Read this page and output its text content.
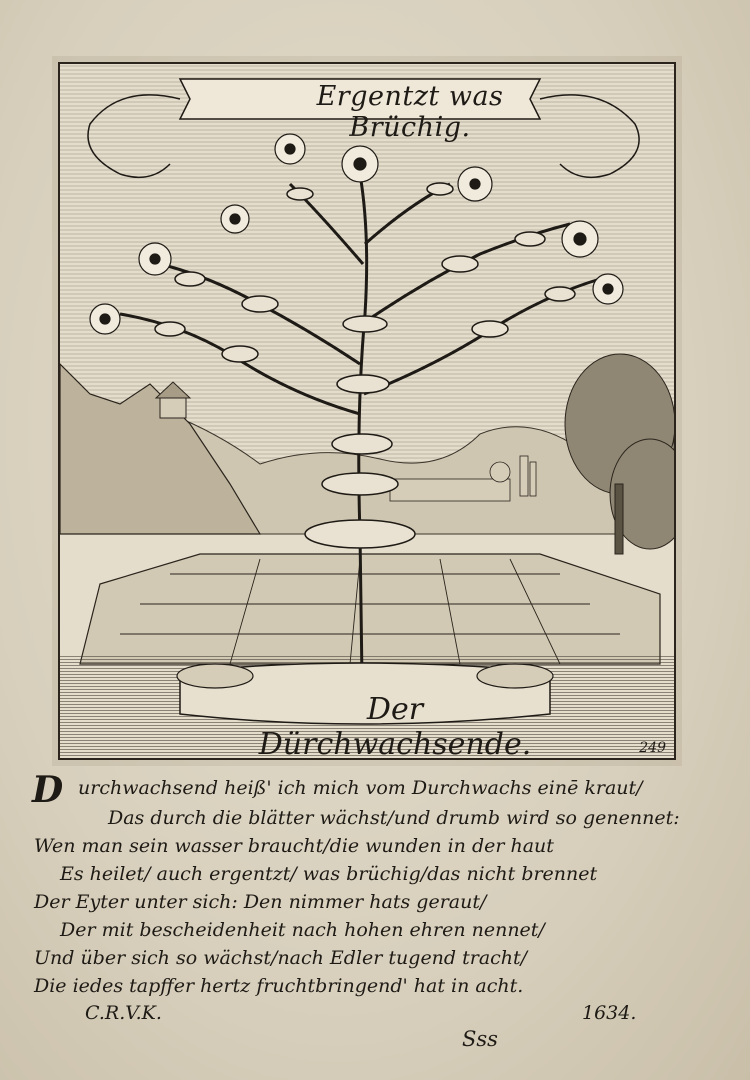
Ergentzt was Brüchig.
Der Dürchwachsende.	249
D urchwachsend heiß' ich mich vom Durchwachs einē kraut/
Das durch die blätter wächst/und drumb wird so genennet:
Wen man sein wasser braucht/die wunden in der haut
Es heilet/ auch ergentzt/ was brüchig/das nicht brennet
Der Eyter unter sich: Den nimmer hats geraut/
Der mit bescheidenheit nach hohen ehren nennet/
Und über sich so wächst/nach Edler tugend tracht/
Die iedes tapffer hertz fruchtbringend' hat in acht.
C.R.V.K.	1634.
Sss
